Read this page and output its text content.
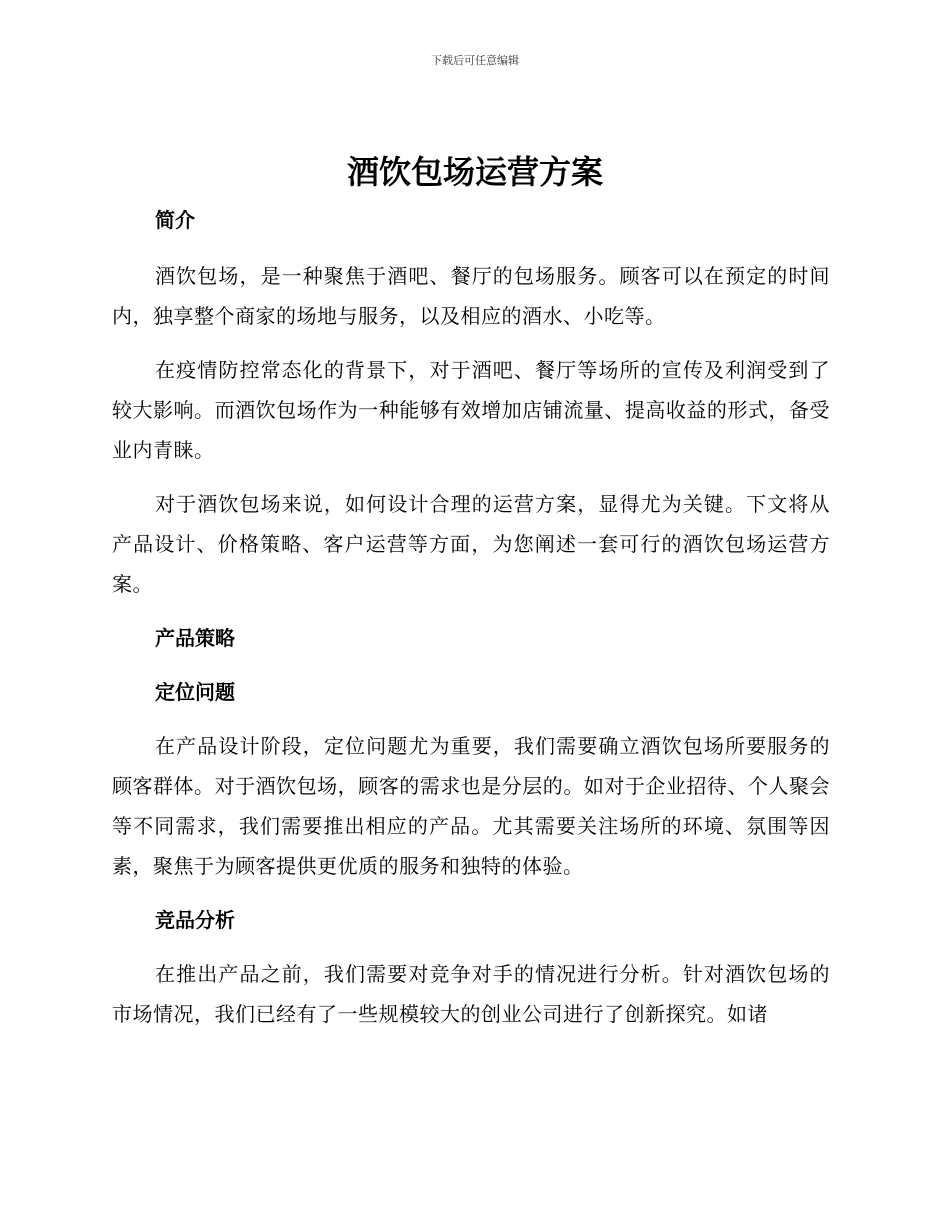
下载后可任意编辑
酒饮包场运营方案
简介

酒饮包场，是一种聚焦于酒吧、餐厅的包场服务。顾客可以在预定的时间内，独享整个商家的场地与服务，以及相应的酒水、小吃等。

在疫情防控常态化的背景下，对于酒吧、餐厅等场所的宣传及利润受到了较大影响。而酒饮包场作为一种能够有效增加店铺流量、提高收益的形式，备受业内青睐。

对于酒饮包场来说，如何设计合理的运营方案，显得尤为关键。下文将从产品设计、价格策略、客户运营等方面，为您阐述一套可行的酒饮包场运营方案。

产品策略
定位问题

在产品设计阶段，定位问题尤为重要，我们需要确立酒饮包场所要服务的顾客群体。对于酒饮包场，顾客的需求也是分层的。如对于企业招待、个人聚会等不同需求，我们需要推出相应的产品。尤其需要关注场所的环境、氛围等因素，聚焦于为顾客提供更优质的服务和独特的体验。

竞品分析

在推出产品之前，我们需要对竞争对手的情况进行分析。针对酒饮包场的市场情况，我们已经有了一些规模较大的创业公司进行了创新探究。如诸
